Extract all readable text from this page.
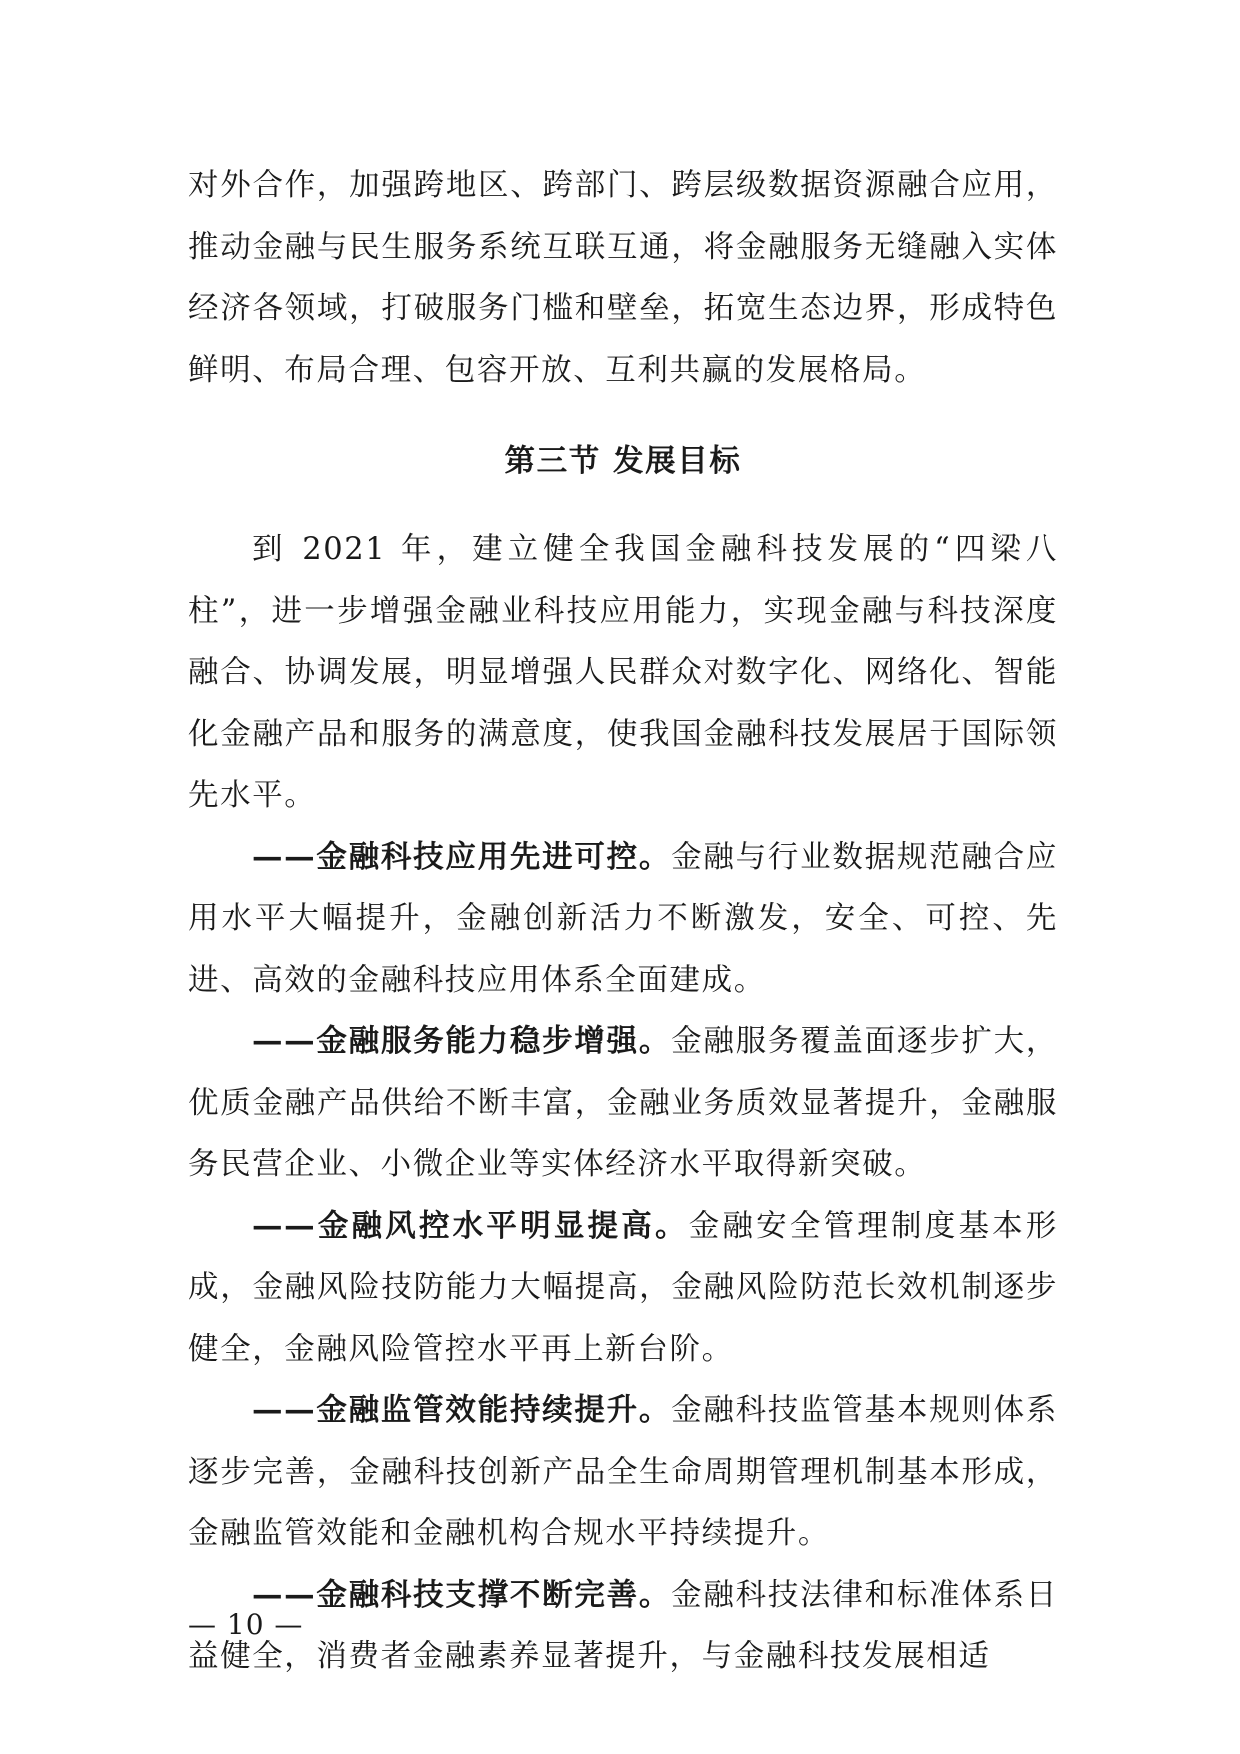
对外合作，加强跨地区、跨部门、跨层级数据资源融合应用，推动金融与民生服务系统互联互通，将金融服务无缝融入实体经济各领域，打破服务门槛和壁垒，拓宽生态边界，形成特色鲜明、布局合理、包容开放、互利共赢的发展格局。

第三节 发展目标

到 2021 年，建立健全我国金融科技发展的“四梁八柱”，进一步增强金融业科技应用能力，实现金融与科技深度融合、协调发展，明显增强人民群众对数字化、网络化、智能化金融产品和服务的满意度，使我国金融科技发展居于国际领先水平。

——金融科技应用先进可控。金融与行业数据规范融合应用水平大幅提升，金融创新活力不断激发，安全、可控、先进、高效的金融科技应用体系全面建成。

——金融服务能力稳步增强。金融服务覆盖面逐步扩大，优质金融产品供给不断丰富，金融业务质效显著提升，金融服务民营企业、小微企业等实体经济水平取得新突破。

——金融风控水平明显提高。金融安全管理制度基本形成，金融风险技防能力大幅提高，金融风险防范长效机制逐步健全，金融风险管控水平再上新台阶。

——金融监管效能持续提升。金融科技监管基本规则体系逐步完善，金融科技创新产品全生命周期管理机制基本形成，金融监管效能和金融机构合规水平持续提升。

——金融科技支撑不断完善。金融科技法律和标准体系日益健全，消费者金融素养显著提升，与金融科技发展相适

— 10 —
